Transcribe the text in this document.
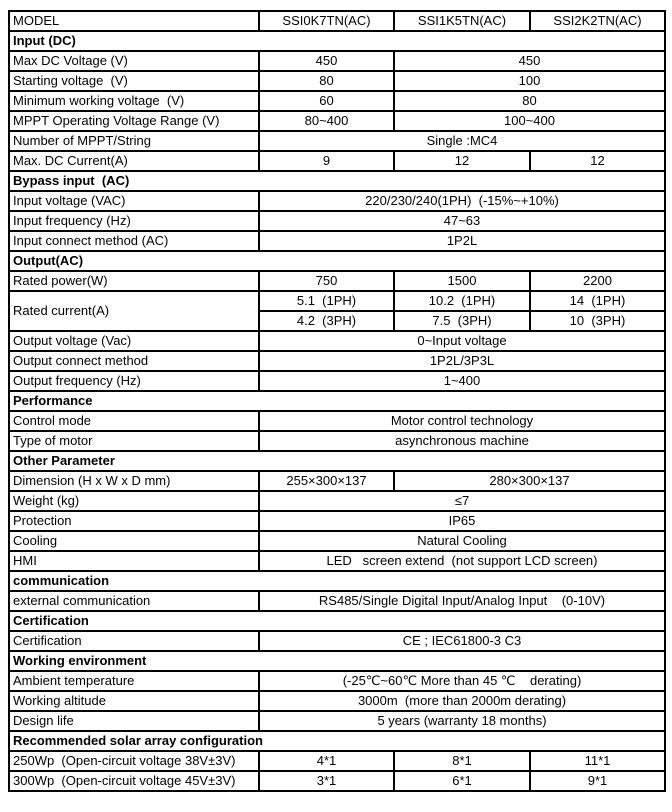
MODEL	SSI0K7TN(AC)	SSI1K5TN(AC)	SSI2K2TN(AC)
Input (DC)			
Max DC Voltage (V)	450	450	
Starting voltage  (V)	80	100	
Minimum working voltage  (V)	60	80	
MPPT Operating Voltage Range (V)	80~400	100~400	
Number of MPPT/String	Single :MC4		
Max. DC Current(A)	9	12	12
Bypass input  (AC)			
Input voltage (VAC)	220/230/240(1PH)  (-15%~+10%)		
Input frequency (Hz)	47~63		
Input connect method (AC)	1P2L		
Output(AC)			
Rated power(W)	750	1500	2200
Rated current(A)	5.1  (1PH)	10.2  (1PH)	14  (1PH)
	4.2  (3PH)	7.5  (3PH)	10  (3PH)
Output voltage (Vac)	0~Input voltage		
Output connect method	1P2L/3P3L		
Output frequency (Hz)	1~400		
Performance			
Control mode	Motor control technology		
Type of motor	asynchronous machine		
Other Parameter			
Dimension (H x W x D mm)	255×300×137	280×300×137	
Weight (kg)	≤7		
Protection	IP65		
Cooling	Natural Cooling		
HMI	LED   screen extend  (not support LCD screen)		
communication			
external communication	RS485/Single Digital Input/Analog Input    (0-10V)		
Certification			
Certification	CE ; IEC61800-3 C3		
Working environment			
Ambient temperature	(-25℃~60℃ More than 45 ℃    derating)		
Working altitude	3000m  (more than 2000m derating)		
Design life	5 years (warranty 18 months)		
Recommended solar array configuration			
250Wp  (Open-circuit voltage 38V±3V)	4*1	8*1	11*1
300Wp  (Open-circuit voltage 45V±3V)	3*1	6*1	9*1
